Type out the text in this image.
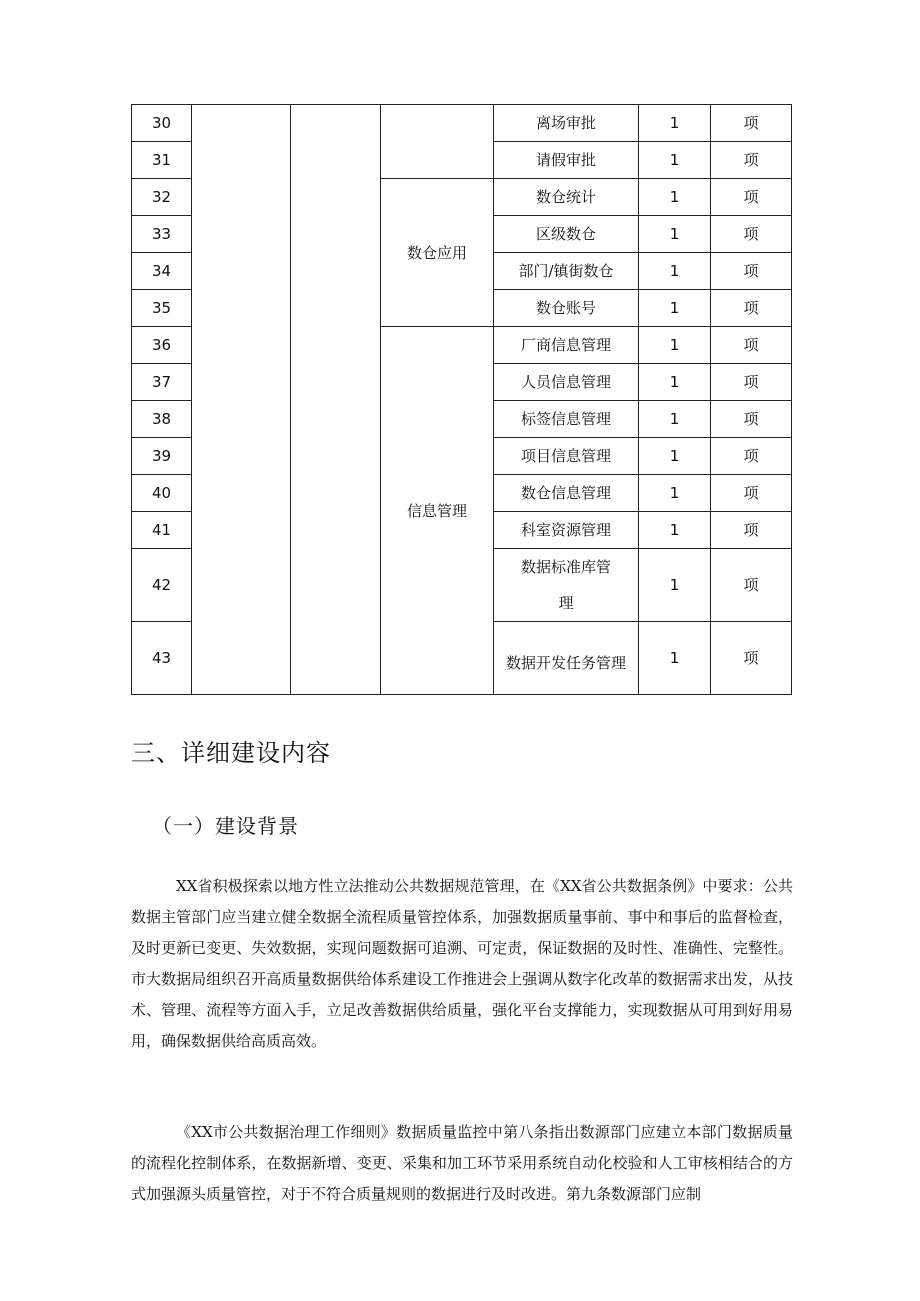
30				离场审批	1	项
31				请假审批	1	项
32			数仓应用	数仓统计	1	项
33				区级数仓	1	项
34				部门/镇街数仓	1	项
35				数仓账号	1	项
36			信息管理	厂商信息管理	1	项
37				人员信息管理	1	项
38				标签信息管理	1	项
39				项目信息管理	1	项
40				数仓信息管理	1	项
41				科室资源管理	1	项
42				数据标准库管理	1	项
43				数据开发任务管理	1	项
三、详细建设内容
（一）建设背景

XX省积极探索以地方性立法推动公共数据规范管理，在《XX省公共数据条例》中要求：公共数据主管部门应当建立健全数据全流程质量管控体系，加强数据质量事前、事中和事后的监督检查，及时更新已变更、失效数据，实现问题数据可追溯、可定责，保证数据的及时性、准确性、完整性。市大数据局组织召开高质量数据供给体系建设工作推进会上强调从数字化改革的数据需求出发，从技术、管理、流程等方面入手，立足改善数据供给质量，强化平台支撑能力，实现数据从可用到好用易用，确保数据供给高质高效。

《XX市公共数据治理工作细则》数据质量监控中第八条指出数源部门应建立本部门数据质量的流程化控制体系，在数据新增、变更、采集和加工环节采用系统自动化校验和人工审核相结合的方式加强源头质量管控，对于不符合质量规则的数据进行及时改进。第九条数源部门应制
